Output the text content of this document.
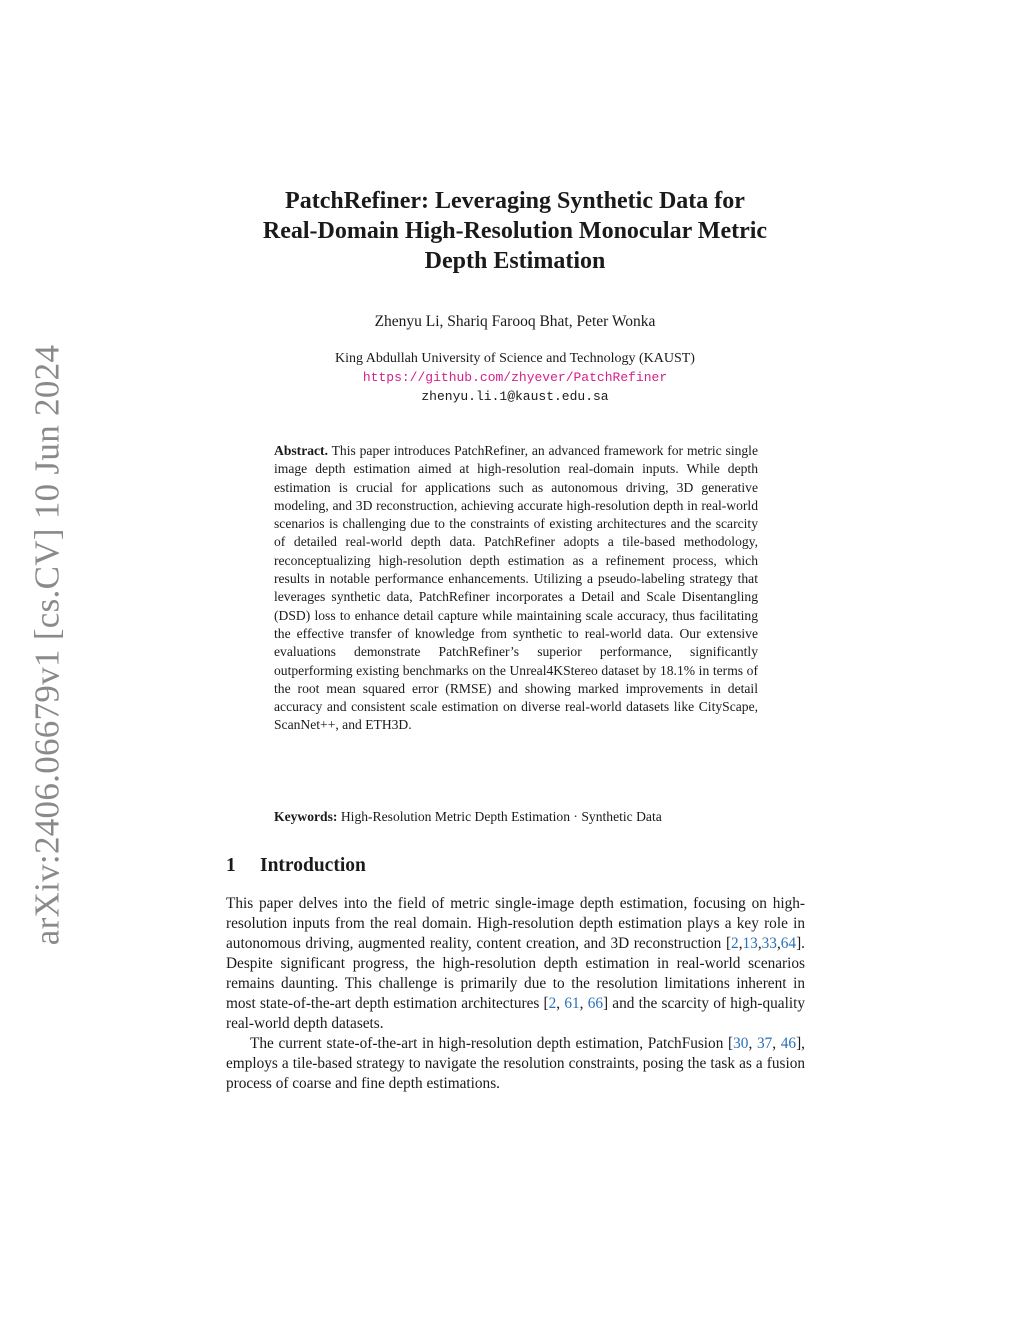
arXiv:2406.06679v1 [cs.CV] 10 Jun 2024
PatchRefiner: Leveraging Synthetic Data for
Real-Domain High-Resolution Monocular Metric
Depth Estimation
Zhenyu Li, Shariq Farooq Bhat, Peter Wonka
King Abdullah University of Science and Technology (KAUST)
https://github.com/zhyever/PatchRefiner
zhenyu.li.1@kaust.edu.sa
Abstract. This paper introduces PatchRefiner, an advanced framework for metric single image depth estimation aimed at high-resolution real-domain inputs. While depth estimation is crucial for applications such as autonomous driving, 3D generative modeling, and 3D reconstruction, achieving accurate high-resolution depth in real-world scenarios is challenging due to the constraints of existing architectures and the scarcity of detailed real-world depth data. PatchRefiner adopts a tile-based methodology, reconceptualizing high-resolution depth estimation as a refinement process, which results in notable performance enhancements. Utilizing a pseudo-labeling strategy that leverages synthetic data, PatchRefiner incorporates a Detail and Scale Disentangling (DSD) loss to enhance detail capture while maintaining scale accuracy, thus facilitating the effective transfer of knowledge from synthetic to real-world data. Our extensive evaluations demonstrate PatchRefiner’s superior performance, significantly outperforming existing benchmarks on the Unreal4KStereo dataset by 18.1% in terms of the root mean squared error (RMSE) and showing marked improvements in detail accuracy and consistent scale estimation on diverse real-world datasets like CityScape, ScanNet++, and ETH3D.
Keywords: High-Resolution Metric Depth Estimation · Synthetic Data
1 Introduction

This paper delves into the field of metric single-image depth estimation, focusing on high-resolution inputs from the real domain. High-resolution depth estimation plays a key role in autonomous driving, augmented reality, content creation, and 3D reconstruction [2,13,33,64]. Despite significant progress, the high-resolution depth estimation in real-world scenarios remains daunting. This challenge is primarily due to the resolution limitations inherent in most state-of-the-art depth estimation architectures [2, 61, 66] and the scarcity of high-quality real-world depth datasets.

The current state-of-the-art in high-resolution depth estimation, PatchFusion [30, 37, 46], employs a tile-based strategy to navigate the resolution constraints, posing the task as a fusion process of coarse and fine depth estimations.
